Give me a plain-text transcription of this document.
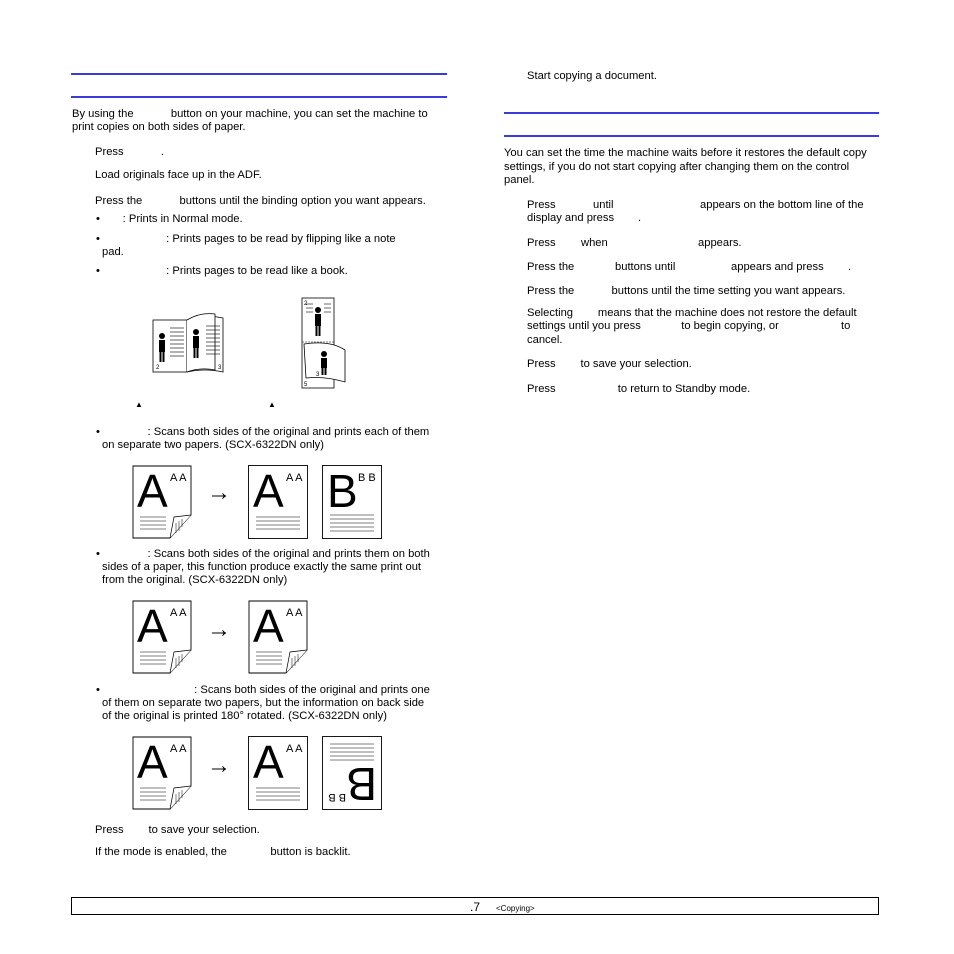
By using the            button on your machine, you can set the machine to
print copies on both sides of paper.
Press            .
Load originals face up in the ADF.
Press the            buttons until the binding option you want appears.
• : Prints in Normal mode.
• : Prints pages to be read by flipping like a note
pad.
• : Prints pages to be read like a book.
2	3
2
3
5
▲	▲
• : Scans both sides of the original and prints each of them
on separate two papers. (SCX-6322DN only)
A A A
→ A A A B B B
• : Scans both sides of the original and prints them on both
sides of a paper, this function produce exactly the same print out
from the original. (SCX-6322DN only)
A A A
→ A A A
• : Scans both sides of the original and prints one
of them on separate two papers, but the information on back side
of the original is printed 180° rotated. (SCX-6322DN only)
A A A
→ A A A
B
B B
Press        to save your selection.
If the mode is enabled, the              button is backlit.
Start copying a document.
You can set the time the machine waits before it restores the default copy
settings, if you do not start copying after changing them on the control
panel.
Press	until	appears on the bottom line of the
display and press .
Press when	appears.
Press the	buttons until	appears and press .
Press the            buttons until the time setting you want appears.
Selecting        means that the machine does not restore the default
settings until you press             to begin copying, or                    to
cancel.
Press        to save your selection.
Press                    to return to Standby mode.
.7 <Copying>
